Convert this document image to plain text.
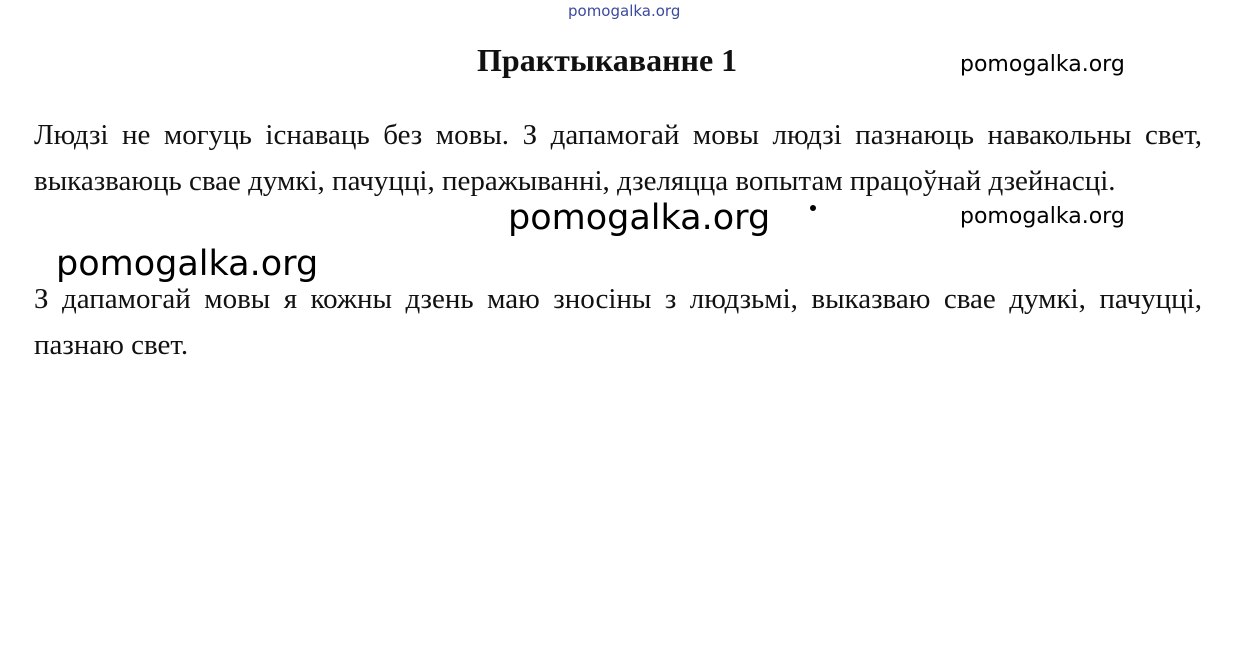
pomogalka.org
Практыкаванне 1	pomogalka.org
Людзі не могуць існаваць без мовы. З дапамогай мовы людзі пазнаюць навакольны свет, выказваюць свае думкі, пачуцці, перажыванні, дзеляцца вопытам працоўнай дзейнасці.
pomogalka.org	pomogalka.org
pomogalka.org
З дапамогай мовы я кожны дзень маю зносіны з людзьмі, выказваю свае думкі, пачуцці, пазнаю свет.
